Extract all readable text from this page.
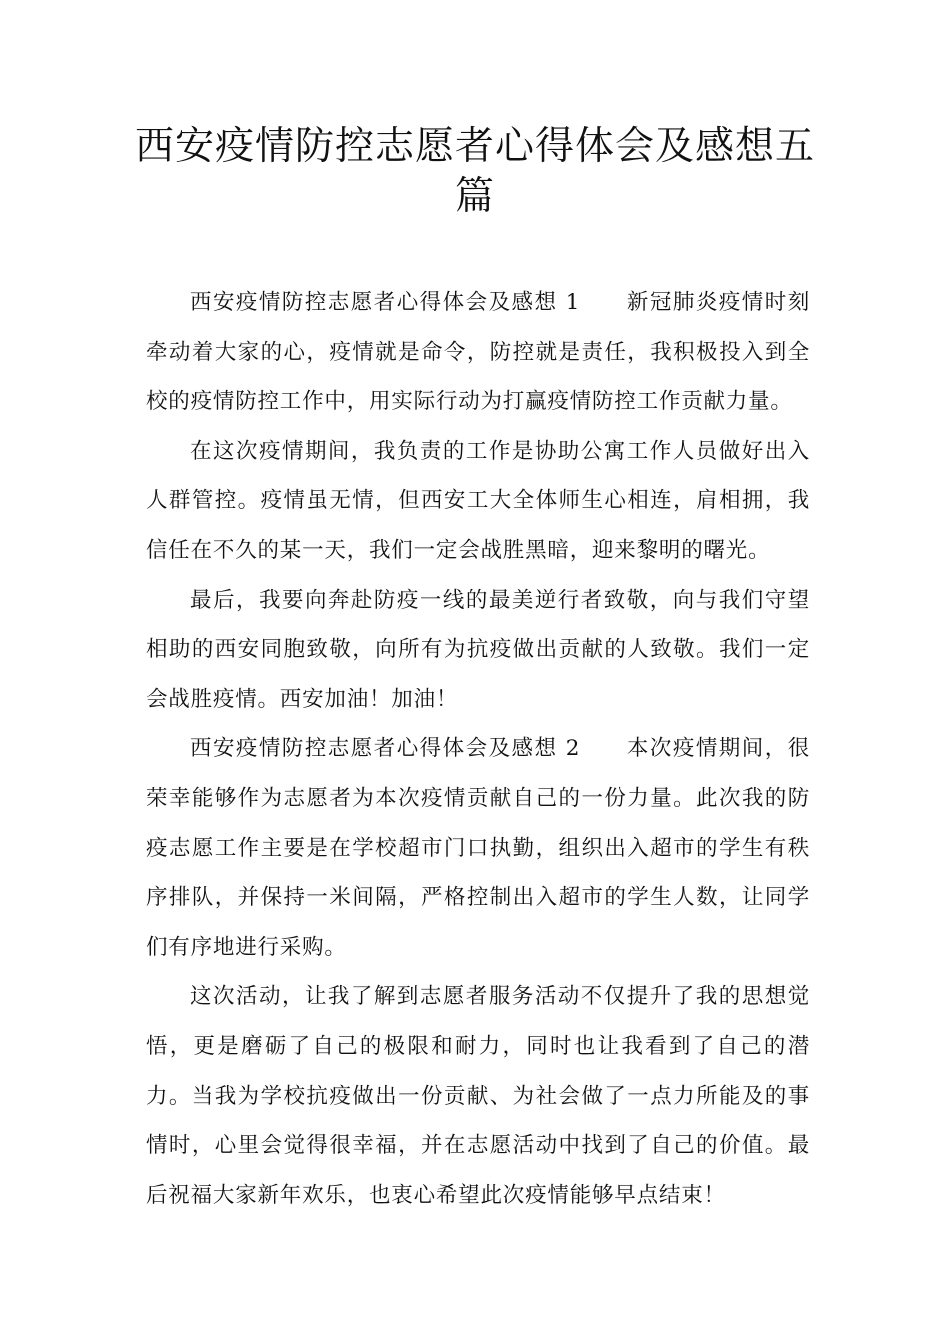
西安疫情防控志愿者心得体会及感想五篇

西安疫情防控志愿者心得体会及感想 1 新冠肺炎疫情时刻牵动着大家的心，疫情就是命令，防控就是责任，我积极投入到全校的疫情防控工作中，用实际行动为打赢疫情防控工作贡献力量。

在这次疫情期间，我负责的工作是协助公寓工作人员做好出入人群管控。疫情虽无情，但西安工大全体师生心相连，肩相拥，我信任在不久的某一天，我们一定会战胜黑暗，迎来黎明的曙光。

最后，我要向奔赴防疫一线的最美逆行者致敬，向与我们守望相助的西安同胞致敬，向所有为抗疫做出贡献的人致敬。我们一定会战胜疫情。西安加油！加油！

西安疫情防控志愿者心得体会及感想 2 本次疫情期间，很荣幸能够作为志愿者为本次疫情贡献自己的一份力量。此次我的防疫志愿工作主要是在学校超市门口执勤，组织出入超市的学生有秩序排队，并保持一米间隔，严格控制出入超市的学生人数，让同学们有序地进行采购。

这次活动，让我了解到志愿者服务活动不仅提升了我的思想觉悟，更是磨砺了自己的极限和耐力，同时也让我看到了自己的潜力。当我为学校抗疫做出一份贡献、为社会做了一点力所能及的事情时，心里会觉得很幸福，并在志愿活动中找到了自己的价值。最后祝福大家新年欢乐，也衷心希望此次疫情能够早点结束！
